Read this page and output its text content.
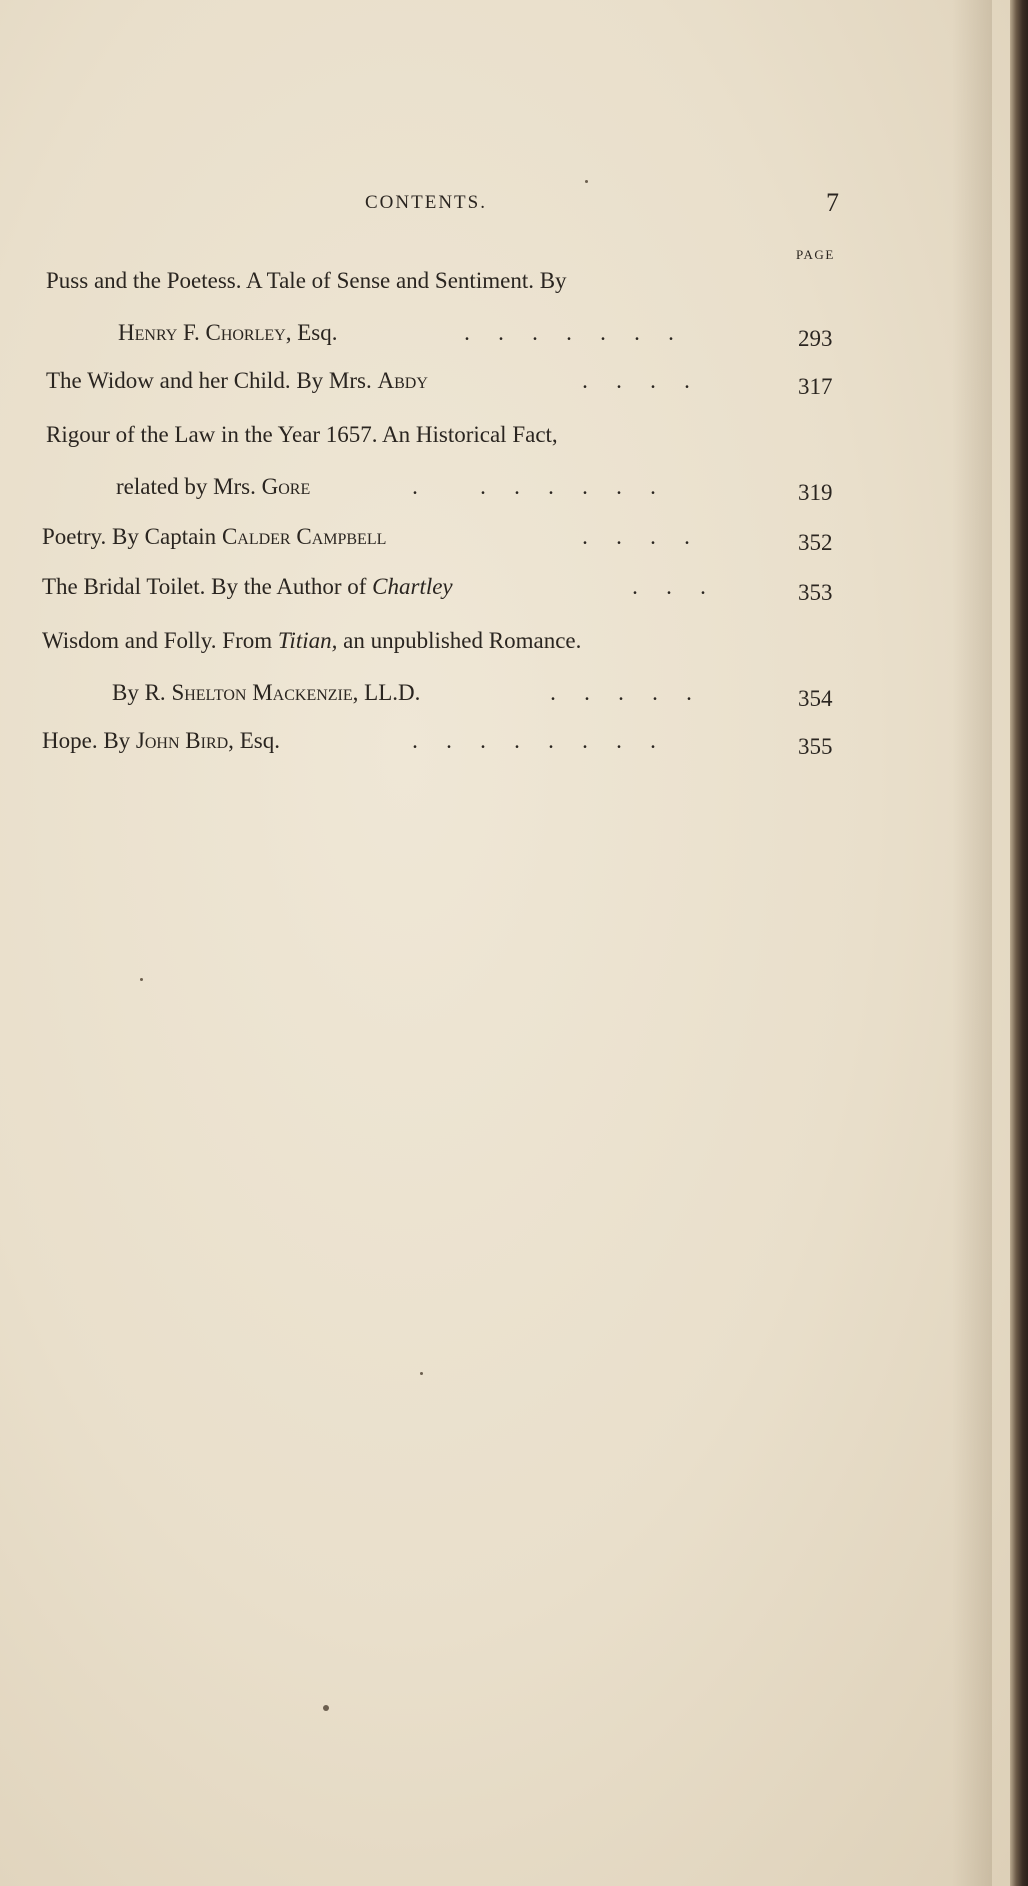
CONTENTS.	7
PAGE
Puss and the Poetess. A Tale of Sense and Sentiment. By
Henry F. Chorley, Esq.	. . . . . . .	293
The Widow and her Child. By Mrs. Abdy	. . . .	317
Rigour of the Law in the Year 1657. An Historical Fact,
related by Mrs. Gore	.	. . . . . .	319
Poetry. By Captain Calder Campbell	. . . .	352
The Bridal Toilet. By the Author of Chartley	. . .	353
Wisdom and Folly. From Titian, an unpublished Romance.
By R. Shelton Mackenzie, LL.D.	. . . . .	354
Hope. By John Bird, Esq.	. . . . . . . .	355
